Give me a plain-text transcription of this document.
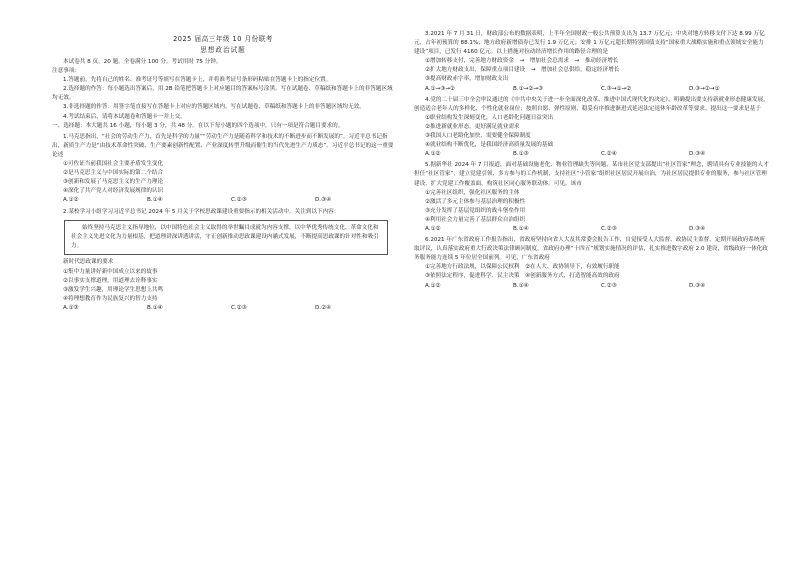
2025 届高三年级 10 月份联考

思想政治试题

本试卷共 8 页，20 题。全卷满分 100 分。考试用时 75 分钟。

注意事项：

1.答题前，先将自己的姓名、准考证号等填写在答题卡上，并将准考证号条形码粘贴在答题卡上的指定位置。

2.选择题的作答：每小题选出答案后，用 2B 铅笔把答题卡上对应题目的答案标号涂黑。写在试题卷、草稿纸和答题卡上的非答题区域均无效。

3.非选择题的作答：用签字笔直接写在答题卡上对应的答题区域内。写在试题卷、草稿纸和答题卡上的非答题区域均无效。

4.考试结束后，请将本试题卷和答题卡一并上交。

一、选择题：本大题共 16 小题，每小题 3 分，共 48 分。在以下每小题的四个选项中，只有一项是符合题目要求的。

1.马克思指出，“社会的劳动生产力，首先是科学的力量”“劳动生产力是随着科学和技术的不断进步而不断发展的”。习近平总书记指出，新质生产力是“由技术革命性突破、生产要素创新性配置、产业深度转型升级而催生的当代先进生产力质态”。习近平总书记的这一重要论述

①可佐证当前我国社会主要矛盾发生变化

②是马克思主义与中国实际的第二个结合

③创新和发展了马克思主义的生产力理论

④深化了共产党人对经济发展规律的认识

A.①②	B.①④	C.②③	D.③④

2.某校学习小组学习习近平总书记 2024 年 5 月关于学校思政课建设重要指示的相关活动中，关注到以下内容：

始终坚持马克思主义指导地位，以中国特色社会主义取得的举世瞩目成就为内容支撑，以中华优秀传统文化、革命文化和社会主义先进文化为力量根基，把道理讲深讲透讲活，守正创新推动思政课建设内涵式发展，不断提高思政课的针对性和吸引力。

新时代思政课的要求

①集中力量讲好新中国成立以来的故事

②以事实支撑道理，用道理去诠释事实

③激发学生兴趣，用理论学生思想上共鸣

④将理想教育作为民族复兴的智力支持

A.①③	B.①④	C.②③	D.②④

3.2021 年 7 月 31 日，财政部公布的数据表明，上半年全国财政一般公共预算支出为 13.7 万亿元；中央对地方转移支付下达 8.99 万亿元，占年初预算的 88.1%；地方政府新增债券已发行 1.9 万亿元；安排 1 万亿元超长期特别国债支持“国家重大战略实施和重点领域安全能力建设”项目，已发行 4160 亿元。以上措施对拉动经济增长作用的路径合理的是

①增加转移支付，完善地方财政资金　→　增加社会总需求　→　推动经济增长

②扩大地方财政支出，保障重点项目建设　→　增加社会总供给，稳定经济增长

③提高财政赤字率，增加财政支出

A.①→③→②	B.①→②→③	C.③→①→②	D.③→②→①

4.党的二十届三中全会审议通过的《中共中央关于进一步全面深化改革、推进中国式现代化的决定》，明确提出要支持新就业形态健康发展，创造适合老年人的多样化、个性化就业岗位；按照自愿、弹性原则，稳妥有序推进渐进式延迟法定退休年龄改革等要求。提出这一要求是基于

①职业结构发生深刻变化，人口老龄化问题日益突出

②推进新就业形态，更好满足就业需求

③我国人口老龄化加快，需要健全保障制度

④就业结构不断优化，是我国经济高质量发展的基础

A.①②	B.①③	C.②④	D.③④

5.据新华社 2024 年 7 月报道，面对基础设施老化、物业管理缺失等问题，某市社区党支部提出“社区管家”理念，聘请具有专业技能的人才担任“社区管家”，建立党建引领、多方参与的工作机制，支持社区“小管家”组织社区居民开展自治，为社区居民提供专业的服务，参与社区管理建设，扩大党建工作覆盖面，构筑社区同心服务联动体。可见，该市

①完善社区组织，强化社区服务的主体

②激活了多元主体参与基层治理的积极性

③充分发挥了基层党组织的战斗堡垒作用

④利用社会力量完善了基层群众自治组织

A.①②	B.①④	C.②③	D.③④

6.2021 年广东省政府工作报告指出，省政府坚持向省人大及其常委会报告工作，自觉接受人大监督、政协民主监督，定期开展政府系统听取评议，认真落实政府重大行政决策法律顾问制度，省政府办理“十四五”规划实施情况的评估，扎实推进数字政府 2.0 建设，省级政府一体化政务服务能力连续 5 年位居全国前列。可见，广东省政府

①完善地方行政法规，以保障公民权利　②在人大、政协领导下，有效履行职能

③依照法定程序，促进科学、民主决策　④创新服务方式，打造智能高效的政府

A.①②	B.①④	C.②③	D.③④
